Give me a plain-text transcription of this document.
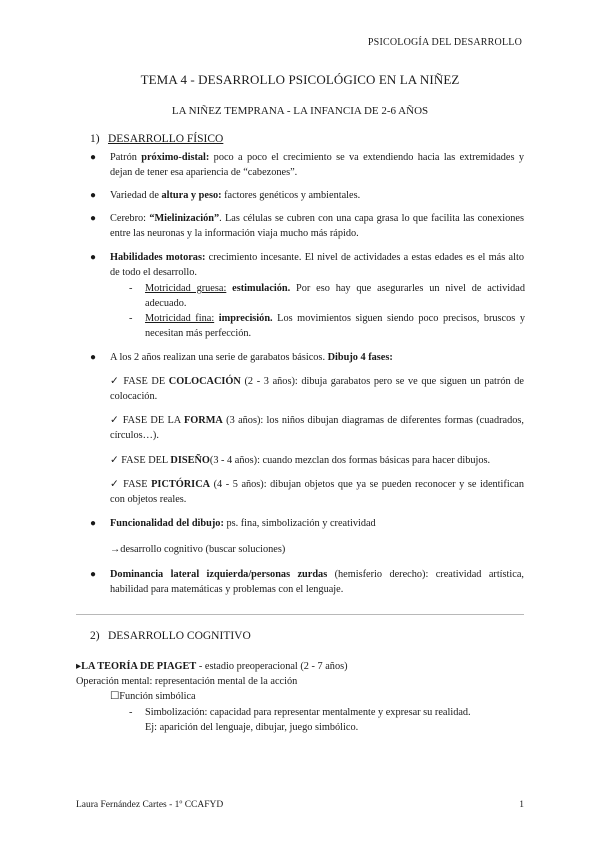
PSICOLOGÍA DEL DESARROLLO
TEMA 4 - DESARROLLO PSICOLÓGICO EN LA NIÑEZ
LA NIÑEZ TEMPRANA - LA INFANCIA DE 2-6 AÑOS
1) DESARROLLO FÍSICO
● Patrón próximo-distal: poco a poco el crecimiento se va extendiendo hacia las extremidades y dejan de tener esa apariencia de “cabezones”.
● Variedad de altura y peso: factores genéticos y ambientales.
● Cerebro: “Mielinización”. Las células se cubren con una capa grasa lo que facilita las conexiones entre las neuronas y la información viaja mucho más rápido.
● Habilidades motoras: crecimiento incesante. El nivel de actividades a estas edades es el más alto de todo el desarrollo.
- Motricidad gruesa: estimulación. Por eso hay que asegurarles un nivel de actividad adecuado.
- Motricidad fina: imprecisión. Los movimientos siguen siendo poco precisos, bruscos y necesitan más perfección.
● A los 2 años realizan una serie de garabatos básicos. Dibujo 4 fases:
✓ FASE DE COLOCACIÓN (2 - 3 años): dibuja garabatos pero se ve que siguen un patrón de colocación.
✓ FASE DE LA FORMA (3 años): los niños dibujan diagramas de diferentes formas (cuadrados, círculos…).
✓ FASE DEL DISEÑO(3 - 4 años): cuando mezclan dos formas básicas para hacer dibujos.
✓ FASE PICTÓRICA (4 - 5 años): dibujan objetos que ya se pueden reconocer y se identifican con objetos reales.
● Funcionalidad del dibujo: ps. fina, simbolización y creatividad
→desarrollo cognitivo (buscar soluciones)
● Dominancia lateral izquierda/personas zurdas (hemisferio derecho): creatividad artística, habilidad para matemáticas y problemas con el lenguaje.
2) DESARROLLO COGNITIVO
▸LA TEORÍA DE PIAGET - estadio preoperacional (2 - 7 años)
Operación mental: representación mental de la acción
☐Función simbólica
- Simbolización: capacidad para representar mentalmente y expresar su realidad.
Ej: aparición del lenguaje, dibujar, juego simbólico.
Laura Fernández Cartes - 1º CCAFYD	1
